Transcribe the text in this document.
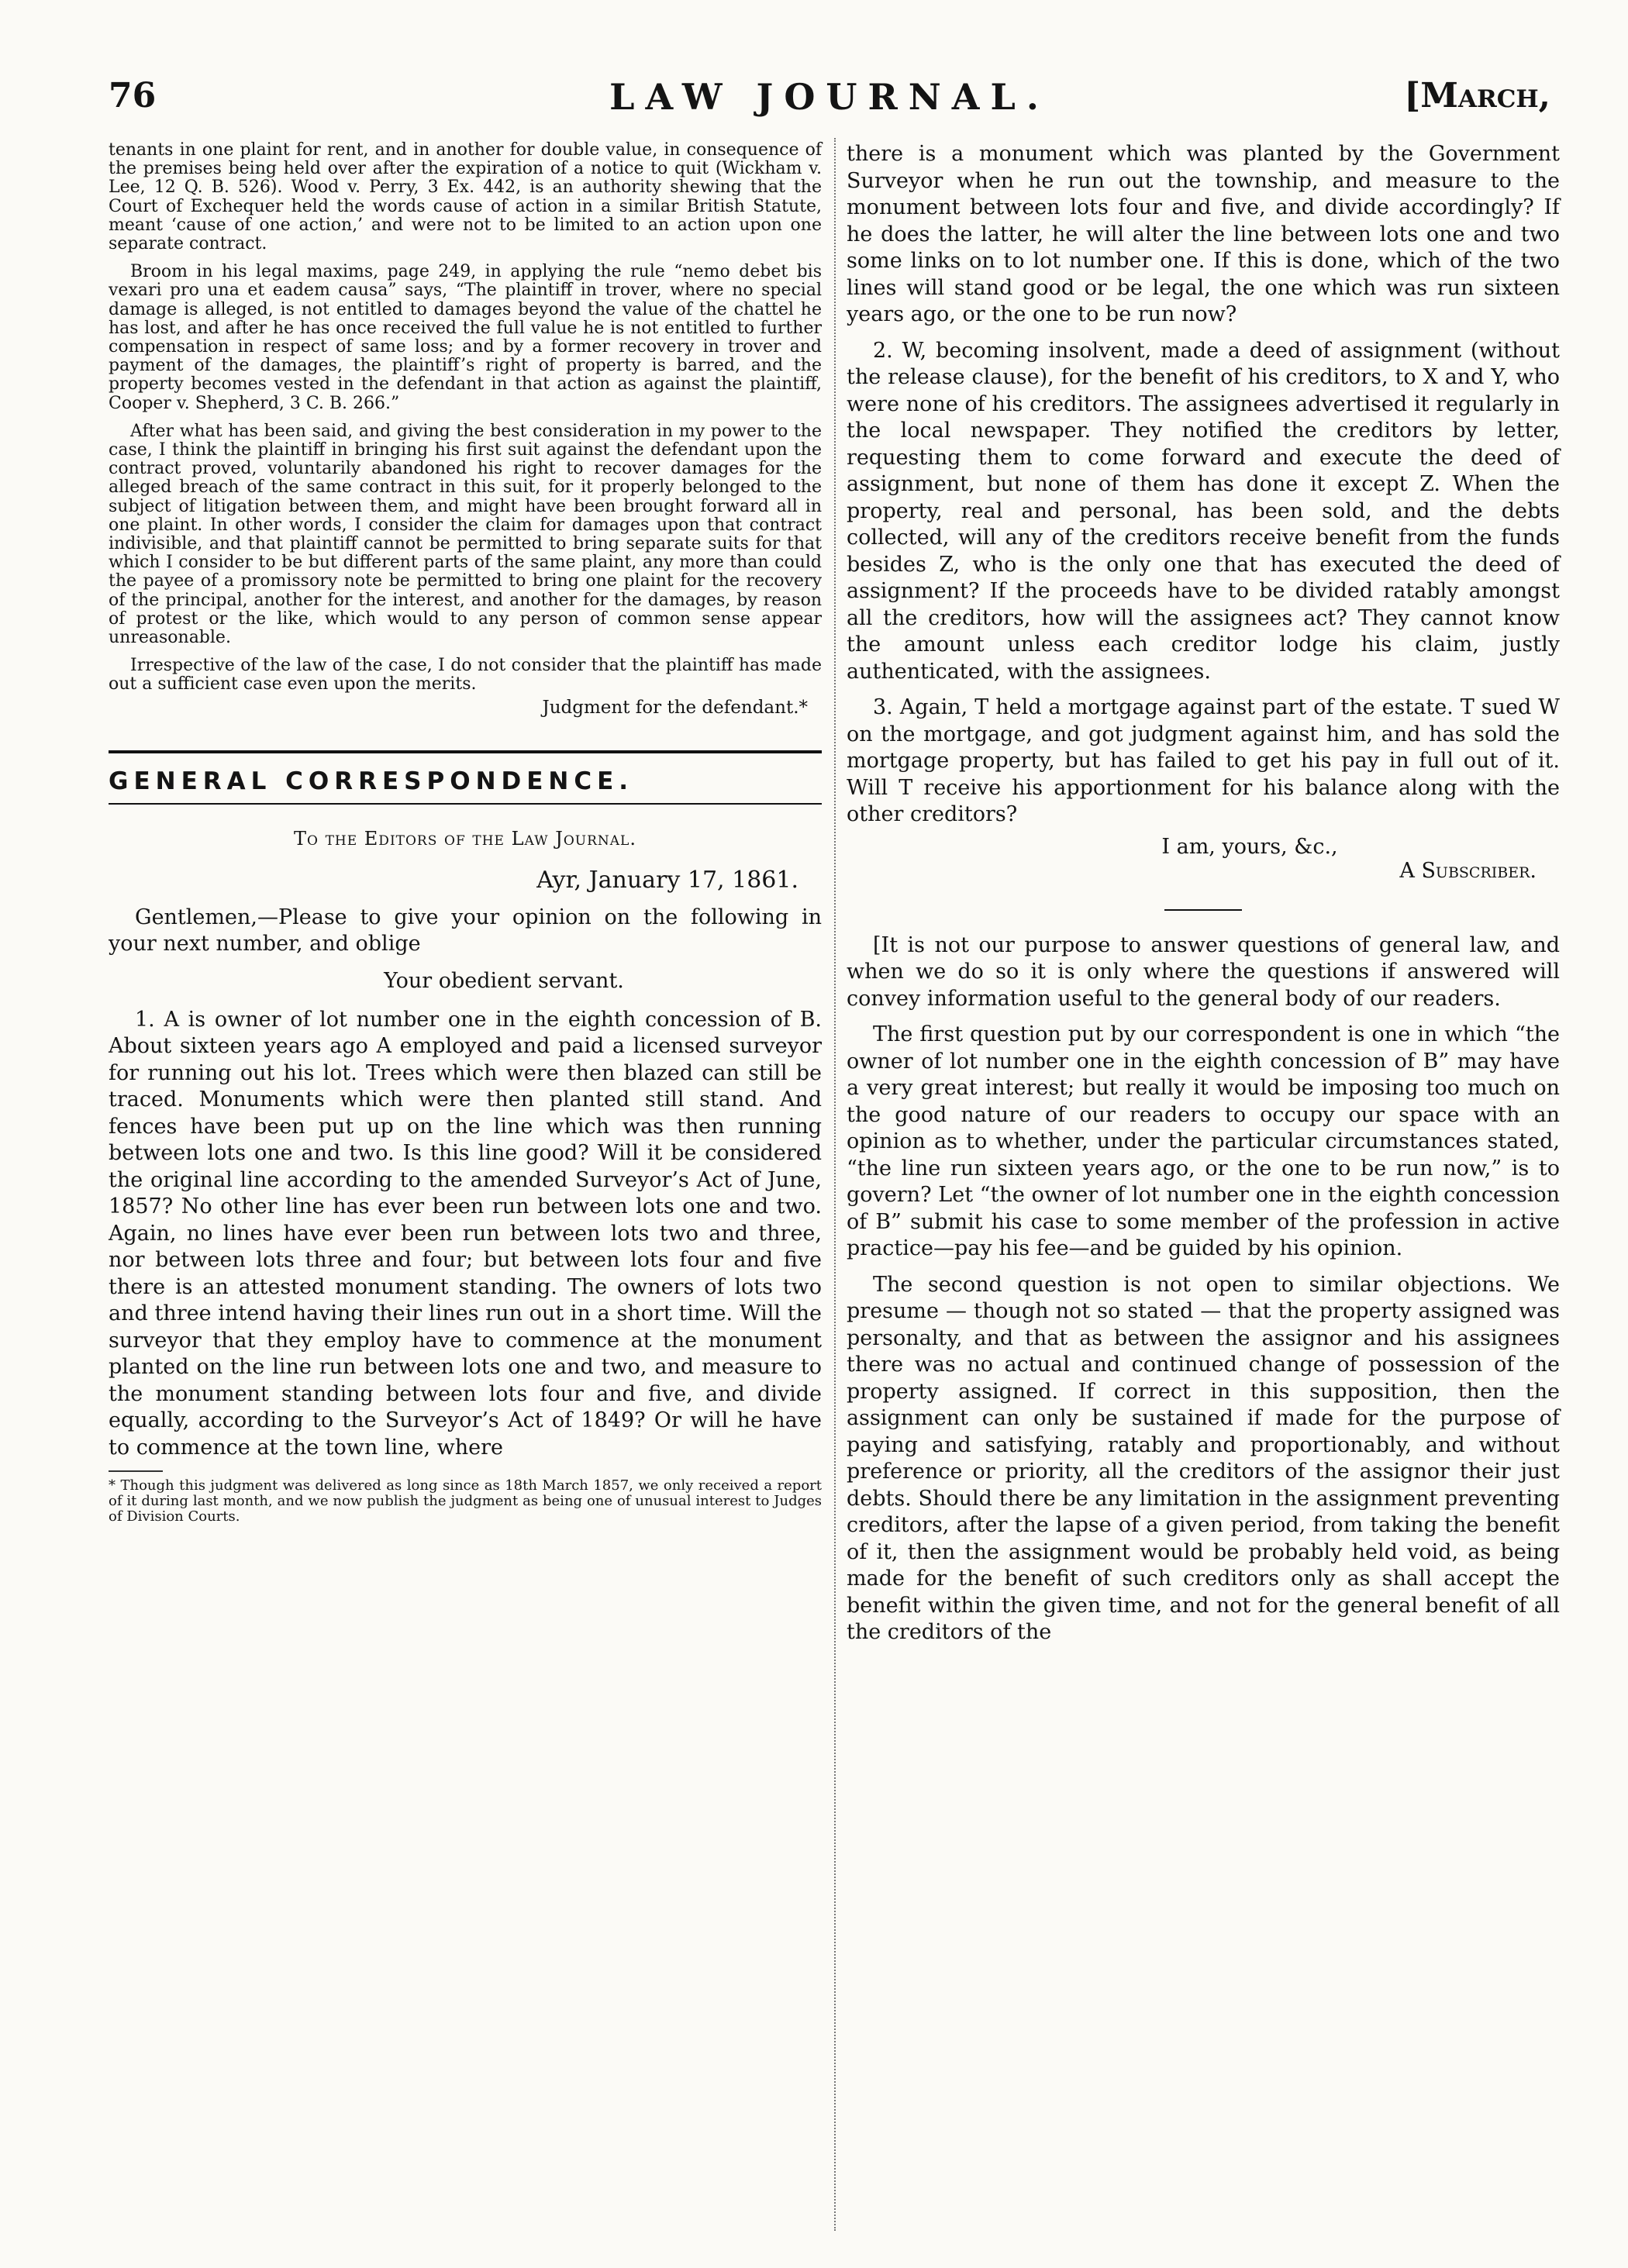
76	LAW JOURNAL.	[March,

tenants in one plaint for rent, and in another for double value, in consequence of the premises being held over after the expiration of a notice to quit (Wickham v. Lee, 12 Q. B. 526). Wood v. Perry, 3 Ex. 442, is an authority shewing that the Court of Exchequer held the words cause of action in a similar British Statute, meant ‘cause of one action,’ and were not to be limited to an action upon one separate contract.

Broom in his legal maxims, page 249, in applying the rule “nemo debet bis vexari pro una et eadem causa” says, “The plaintiff in trover, where no special damage is alleged, is not entitled to damages beyond the value of the chattel he has lost, and after he has once received the full value he is not entitled to further compensation in respect of same loss; and by a former recovery in trover and payment of the damages, the plaintiff’s right of property is barred, and the property becomes vested in the defendant in that action as against the plaintiff, Cooper v. Shepherd, 3 C. B. 266.”

After what has been said, and giving the best consideration in my power to the case, I think the plaintiff in bringing his first suit against the defendant upon the contract proved, voluntarily abandoned his right to recover damages for the alleged breach of the same contract in this suit, for it properly belonged to the subject of litigation between them, and might have been brought forward all in one plaint. In other words, I consider the claim for damages upon that contract indivisible, and that plaintiff cannot be permitted to bring separate suits for that which I consider to be but different parts of the same plaint, any more than could the payee of a promissory note be permitted to bring one plaint for the recovery of the principal, another for the interest, and another for the damages, by reason of protest or the like, which would to any person of common sense appear unreasonable.

Irrespective of the law of the case, I do not consider that the plaintiff has made out a sufficient case even upon the merits.

Judgment for the defendant.*
GENERAL CORRESPONDENCE.
To the Editors of the Law Journal.
Ayr, January 17, 1861.

Gentlemen,—Please to give your opinion on the following in your next number, and oblige

Your obedient servant.

1. A is owner of lot number one in the eighth concession of B. About sixteen years ago A employed and paid a licensed surveyor for running out his lot. Trees which were then blazed can still be traced. Monuments which were then planted still stand. And fences have been put up on the line which was then running between lots one and two. Is this line good? Will it be considered the original line according to the amended Surveyor’s Act of June, 1857? No other line has ever been run between lots one and two. Again, no lines have ever been run between lots two and three, nor between lots three and four; but between lots four and five there is an attested monument standing. The owners of lots two and three intend having their lines run out in a short time. Will the surveyor that they employ have to commence at the monument planted on the line run between lots one and two, and measure to the monument standing between lots four and five, and divide equally, according to the Surveyor’s Act of 1849? Or will he have to commence at the town line, where

* Though this judgment was delivered as long since as 18th March 1857, we only received a report of it during last month, and we now publish the judgment as being one of unusual interest to Judges of Division Courts.

there is a monument which was planted by the Government Surveyor when he run out the township, and measure to the monument between lots four and five, and divide accordingly? If he does the latter, he will alter the line between lots one and two some links on to lot number one. If this is done, which of the two lines will stand good or be legal, the one which was run sixteen years ago, or the one to be run now?

2. W, becoming insolvent, made a deed of assignment (without the release clause), for the benefit of his creditors, to X and Y, who were none of his creditors. The assignees advertised it regularly in the local newspaper. They notified the creditors by letter, requesting them to come forward and execute the deed of assignment, but none of them has done it except Z. When the property, real and personal, has been sold, and the debts collected, will any of the creditors receive benefit from the funds besides Z, who is the only one that has executed the deed of assignment? If the proceeds have to be divided ratably amongst all the creditors, how will the assignees act? They cannot know the amount unless each creditor lodge his claim, justly authenticated, with the assignees.

3. Again, T held a mortgage against part of the estate. T sued W on the mortgage, and got judgment against him, and has sold the mortgage property, but has failed to get his pay in full out of it. Will T receive his apportionment for his balance along with the other creditors?

I am, yours, &c.,
A Subscriber.

[It is not our purpose to answer questions of general law, and when we do so it is only where the questions if answered will convey information useful to the general body of our readers.

The first question put by our correspondent is one in which “the owner of lot number one in the eighth concession of B” may have a very great interest; but really it would be imposing too much on the good nature of our readers to occupy our space with an opinion as to whether, under the particular circumstances stated, “the line run sixteen years ago, or the one to be run now,” is to govern? Let “the owner of lot number one in the eighth concession of B” submit his case to some member of the profession in active practice—pay his fee—and be guided by his opinion.

The second question is not open to similar objections. We presume — though not so stated — that the property assigned was personalty, and that as between the assignor and his assignees there was no actual and continued change of possession of the property assigned. If correct in this supposition, then the assignment can only be sustained if made for the purpose of paying and satisfying, ratably and proportionably, and without preference or priority, all the creditors of the assignor their just debts. Should there be any limitation in the assignment preventing creditors, after the lapse of a given period, from taking the benefit of it, then the assignment would be probably held void, as being made for the benefit of such creditors only as shall accept the benefit within the given time, and not for the general benefit of all the creditors of the
